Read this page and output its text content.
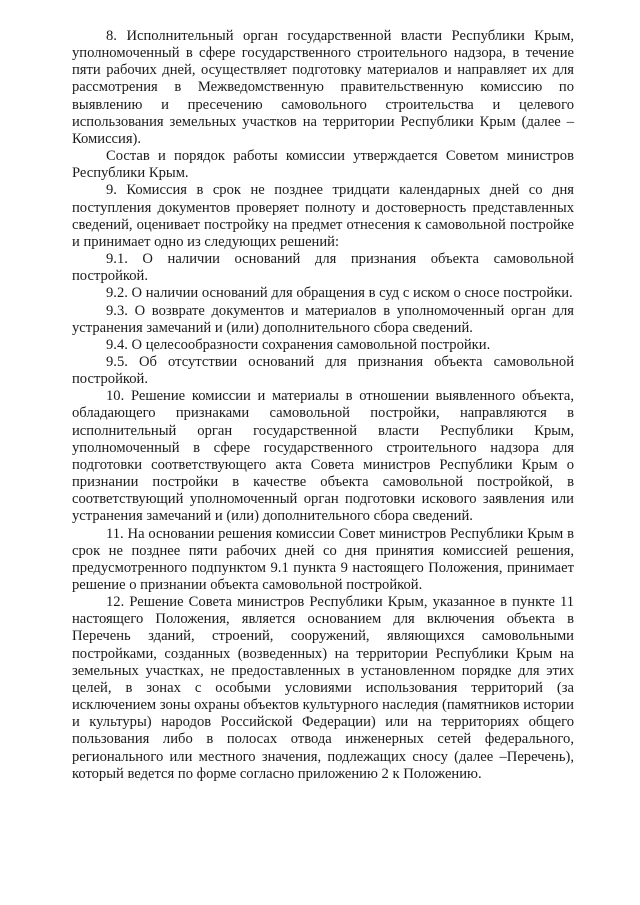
8. Исполнительный орган государственной власти Республики Крым, уполномоченный в сфере государственного строительного надзора, в течение пяти рабочих дней, осуществляет подготовку материалов и направляет их для рассмотрения в Межведомственную правительственную комиссию по выявлению и пресечению самовольного строительства и целевого использования земельных участков на территории Республики Крым (далее – Комиссия).

Состав и порядок работы комиссии утверждается Советом министров Республики Крым.

9. Комиссия в срок не позднее тридцати календарных дней со дня поступления документов проверяет полноту и достоверность представленных сведений, оценивает постройку на предмет отнесения к самовольной постройке и принимает одно из следующих решений:

9.1. О наличии оснований для признания объекта самовольной постройкой.

9.2. О наличии оснований для обращения в суд с иском о сносе постройки.

9.3. О возврате документов и материалов в уполномоченный орган для устранения замечаний и (или) дополнительного сбора сведений.

9.4. О целесообразности сохранения самовольной постройки.

9.5. Об отсутствии оснований для признания объекта самовольной постройкой.

10. Решение комиссии и материалы в отношении выявленного объекта, обладающего признаками самовольной постройки, направляются в исполнительный орган государственной власти Республики Крым, уполномоченный в сфере государственного строительного надзора для подготовки соответствующего акта Совета министров Республики Крым о признании постройки в качестве объекта самовольной постройкой, в соответствующий уполномоченный орган подготовки искового заявления или устранения замечаний и (или) дополнительного сбора сведений.

11. На основании решения комиссии Совет министров Республики Крым в срок не позднее пяти рабочих дней со дня принятия комиссией решения, предусмотренного подпунктом 9.1 пункта 9 настоящего Положения, принимает решение о признании объекта самовольной постройкой.

12. Решение Совета министров Республики Крым, указанное в пункте 11 настоящего Положения, является основанием для включения объекта в Перечень зданий, строений, сооружений, являющихся самовольными постройками, созданных (возведенных) на территории Республики Крым на земельных участках, не предоставленных в установленном порядке для этих целей, в зонах с особыми условиями использования территорий (за исключением зоны охраны объектов культурного наследия (памятников истории и культуры) народов Российской Федерации) или на территориях общего пользования либо в полосах отвода инженерных сетей федерального, регионального или местного значения, подлежащих сносу (далее –Перечень), который ведется по форме согласно приложению 2 к Положению.
